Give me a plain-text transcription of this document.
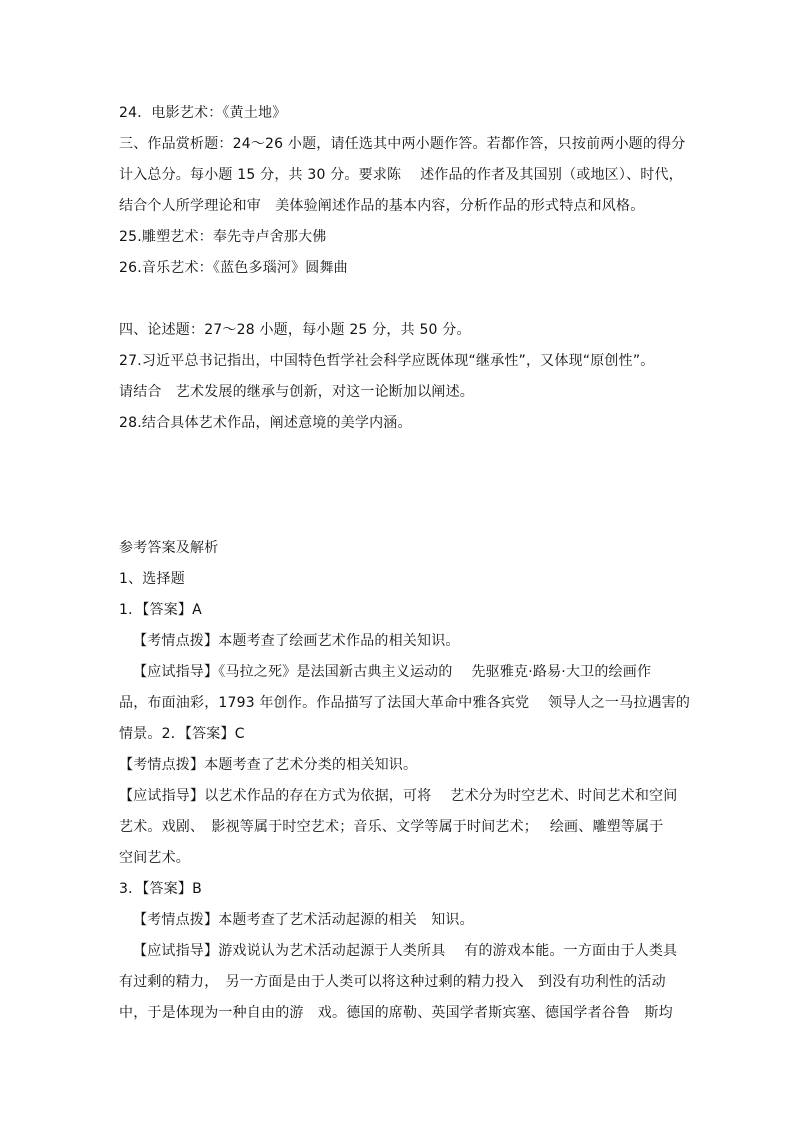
24．电影艺术：《黄土地》
三、作品赏析题：24～26 小题，请任选其中两小题作答。若都作答，只按前两小题的得分
计入总分。每小题 15 分，共 30 分。要求陈　 述作品的作者及其国别（或地区）、时代，
结合个人所学理论和审　美体验阐述作品的基本内容，分析作品的形式特点和风格。
25.雕塑艺术：奉先寺卢舍那大佛
26.音乐艺术：《蓝色多瑙河》圆舞曲
四、论述题：27～28 小题，每小题 25 分，共 50 分。
27.习近平总书记指出，中国特色哲学社会科学应既体现“继承性”，又体现“原创性”。
请结合　艺术发展的继承与创新，对这一论断加以阐述。
28.结合具体艺术作品，阐述意境的美学内涵。
参考答案及解析
1、选择题
1．【答案】A
【考情点拨】本题考查了绘画艺术作品的相关知识。
【应试指导】《马拉之死》是法国新古典主义运动的　 先驱雅克·路易·大卫的绘画作
品，布面油彩，1793 年创作。作品描写了法国大革命中雅各宾党　 领导人之一马拉遇害的
情景。2．【答案】C
【考情点拨】本题考查了艺术分类的相关知识。
【应试指导】以艺术作品的存在方式为依据，可将　 艺术分为时空艺术、时间艺术和空间
艺术。戏剧、　影视等属于时空艺术；音乐、文学等属于时间艺术；　 绘画、雕塑等属于
空间艺术。
3．【答案】B
【考情点拨】本题考查了艺术活动起源的相关　知识。
【应试指导】游戏说认为艺术活动起源于人类所具　 有的游戏本能。一方面由于人类具
有过剩的精力，　另一方面是由于人类可以将这种过剩的精力投入　到没有功利性的活动
中，于是体现为一种自由的游　戏。德国的席勒、英国学者斯宾塞、德国学者谷鲁　斯均
